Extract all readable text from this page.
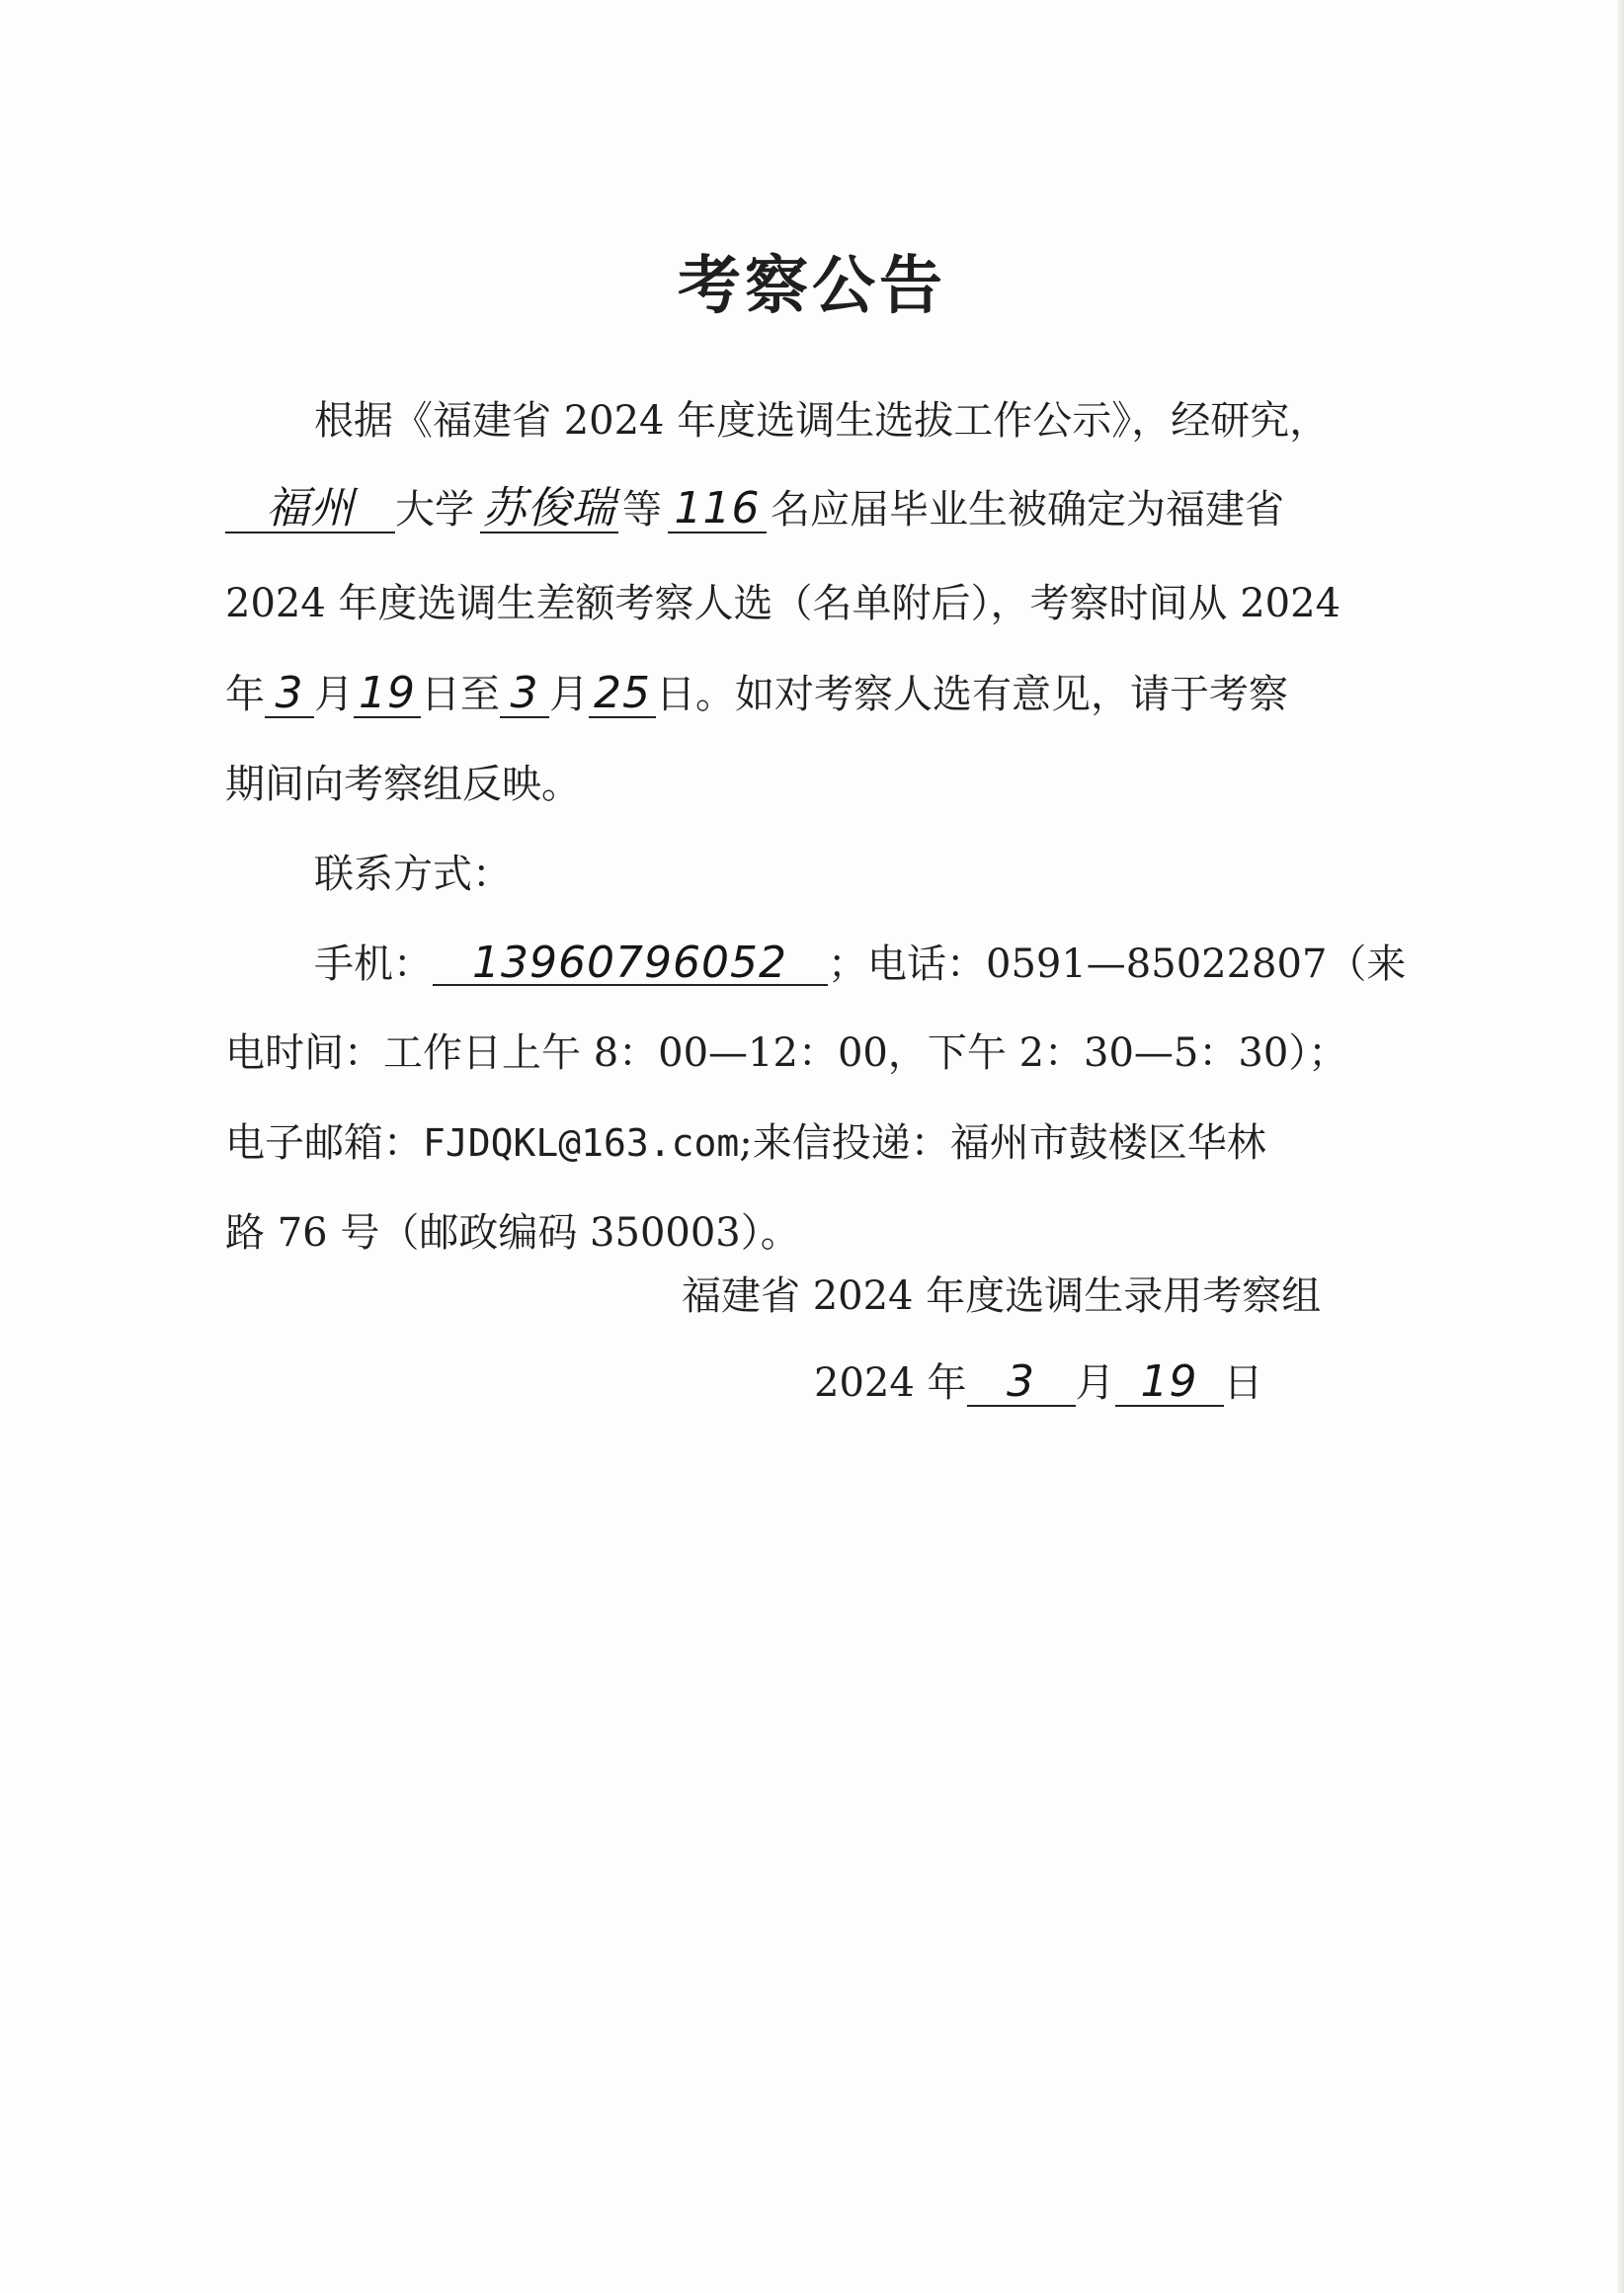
考察公告
根据《福建省 2024 年度选调生选拔工作公示》，经研究，
福州 大学 苏俊瑞 等 116 名应届毕业生被确定为福建省
2024 年度选调生差额考察人选（名单附后），考察时间从 2024
年 3 月 19 日至 3 月 25 日。如对考察人选有意见，请于考察
期间向考察组反映。
联系方式：
手机： 13960796052 ；电话：0591—85022807（来
电时间：工作日上午 8：00—12：00，下午 2：30—5：30）；
电子邮箱：FJDQKL@163.com;来信投递：福州市鼓楼区华林
路 76 号（邮政编码 350003）。
福建省 2024 年度选调生录用考察组
2024 年 3 月 19 日
